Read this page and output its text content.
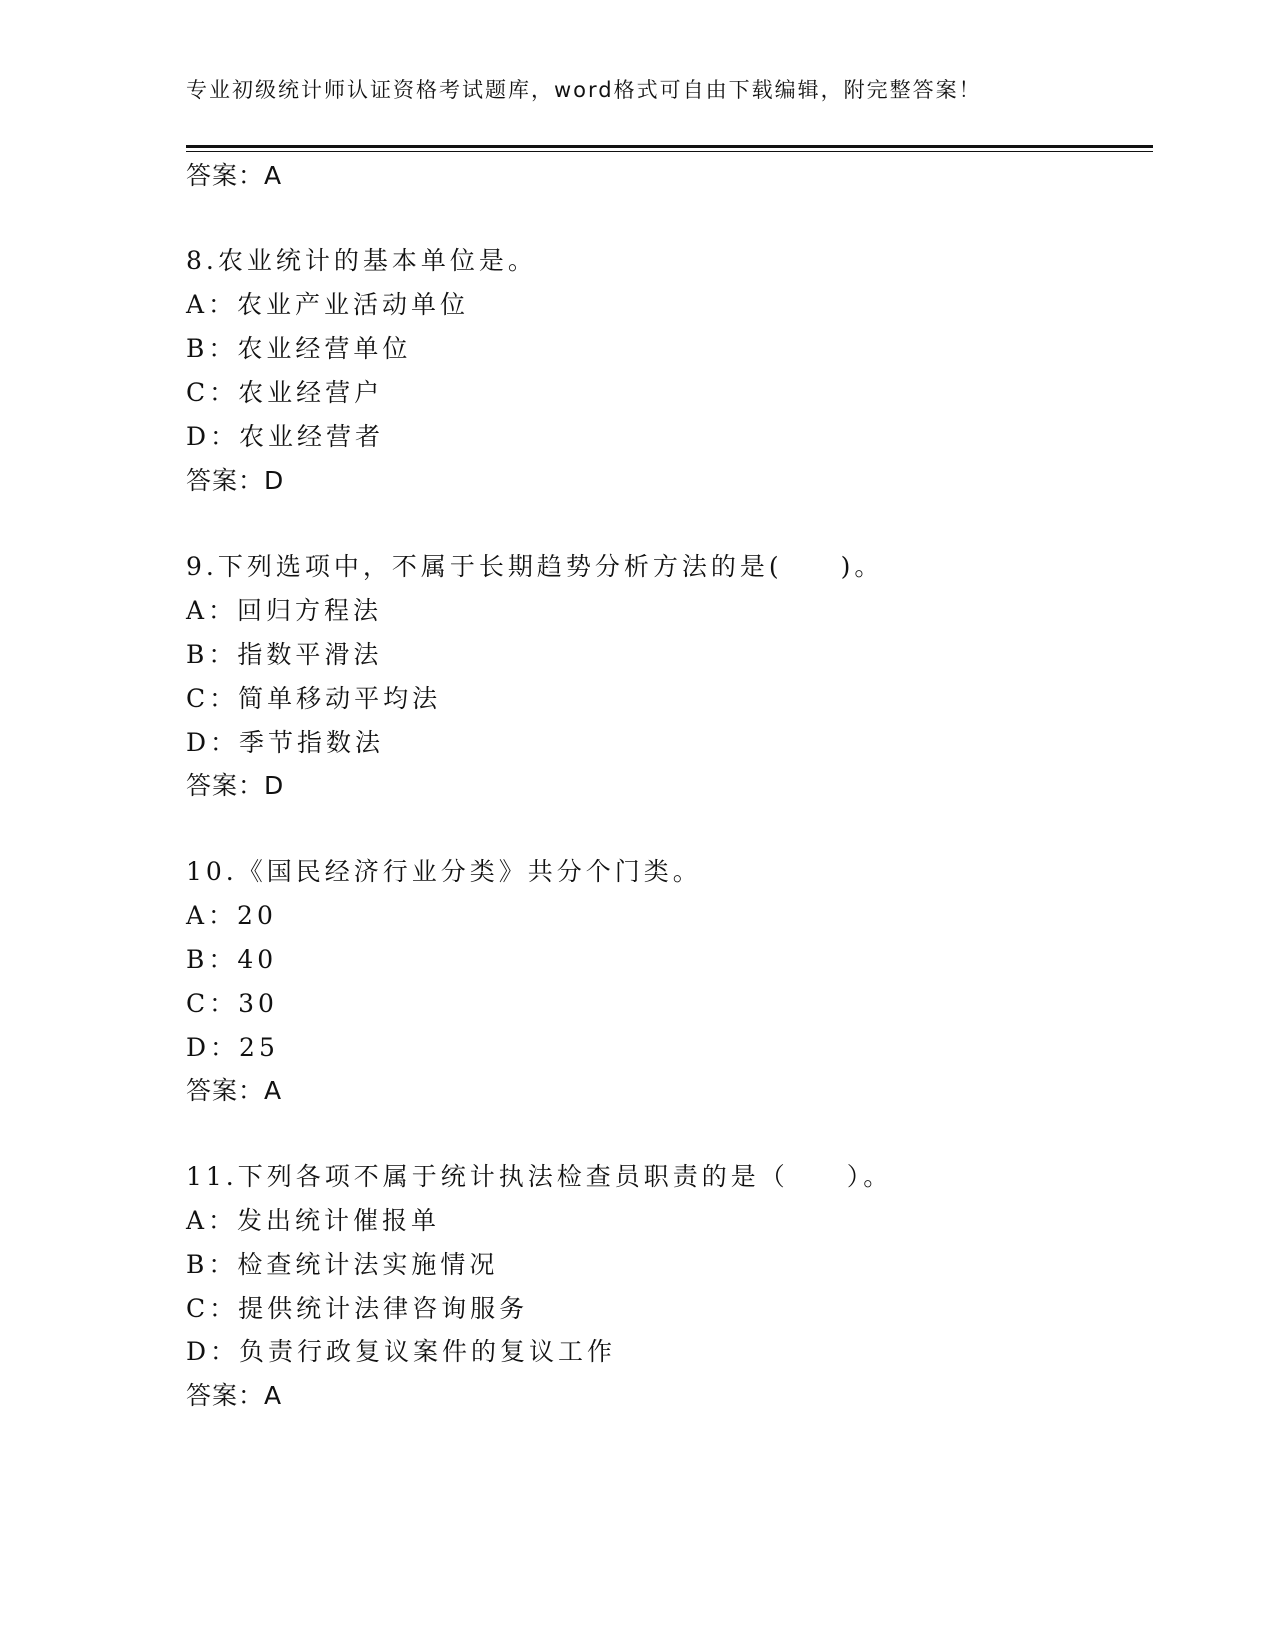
专业初级统计师认证资格考试题库，word格式可自由下载编辑，附完整答案！
答案：A
8.农业统计的基本单位是。
A：农业产业活动单位
B：农业经营单位
C：农业经营户
D：农业经营者
答案：D
9.下列选项中，不属于长期趋势分析方法的是(　　)。
A：回归方程法
B：指数平滑法
C：简单移动平均法
D：季节指数法
答案：D
10.《国民经济行业分类》共分个门类。
A：20
B：40
C：30
D：25
答案：A
11.下列各项不属于统计执法检查员职责的是（　　）。
A：发出统计催报单
B：检查统计法实施情况
C：提供统计法律咨询服务
D：负责行政复议案件的复议工作
答案：A
